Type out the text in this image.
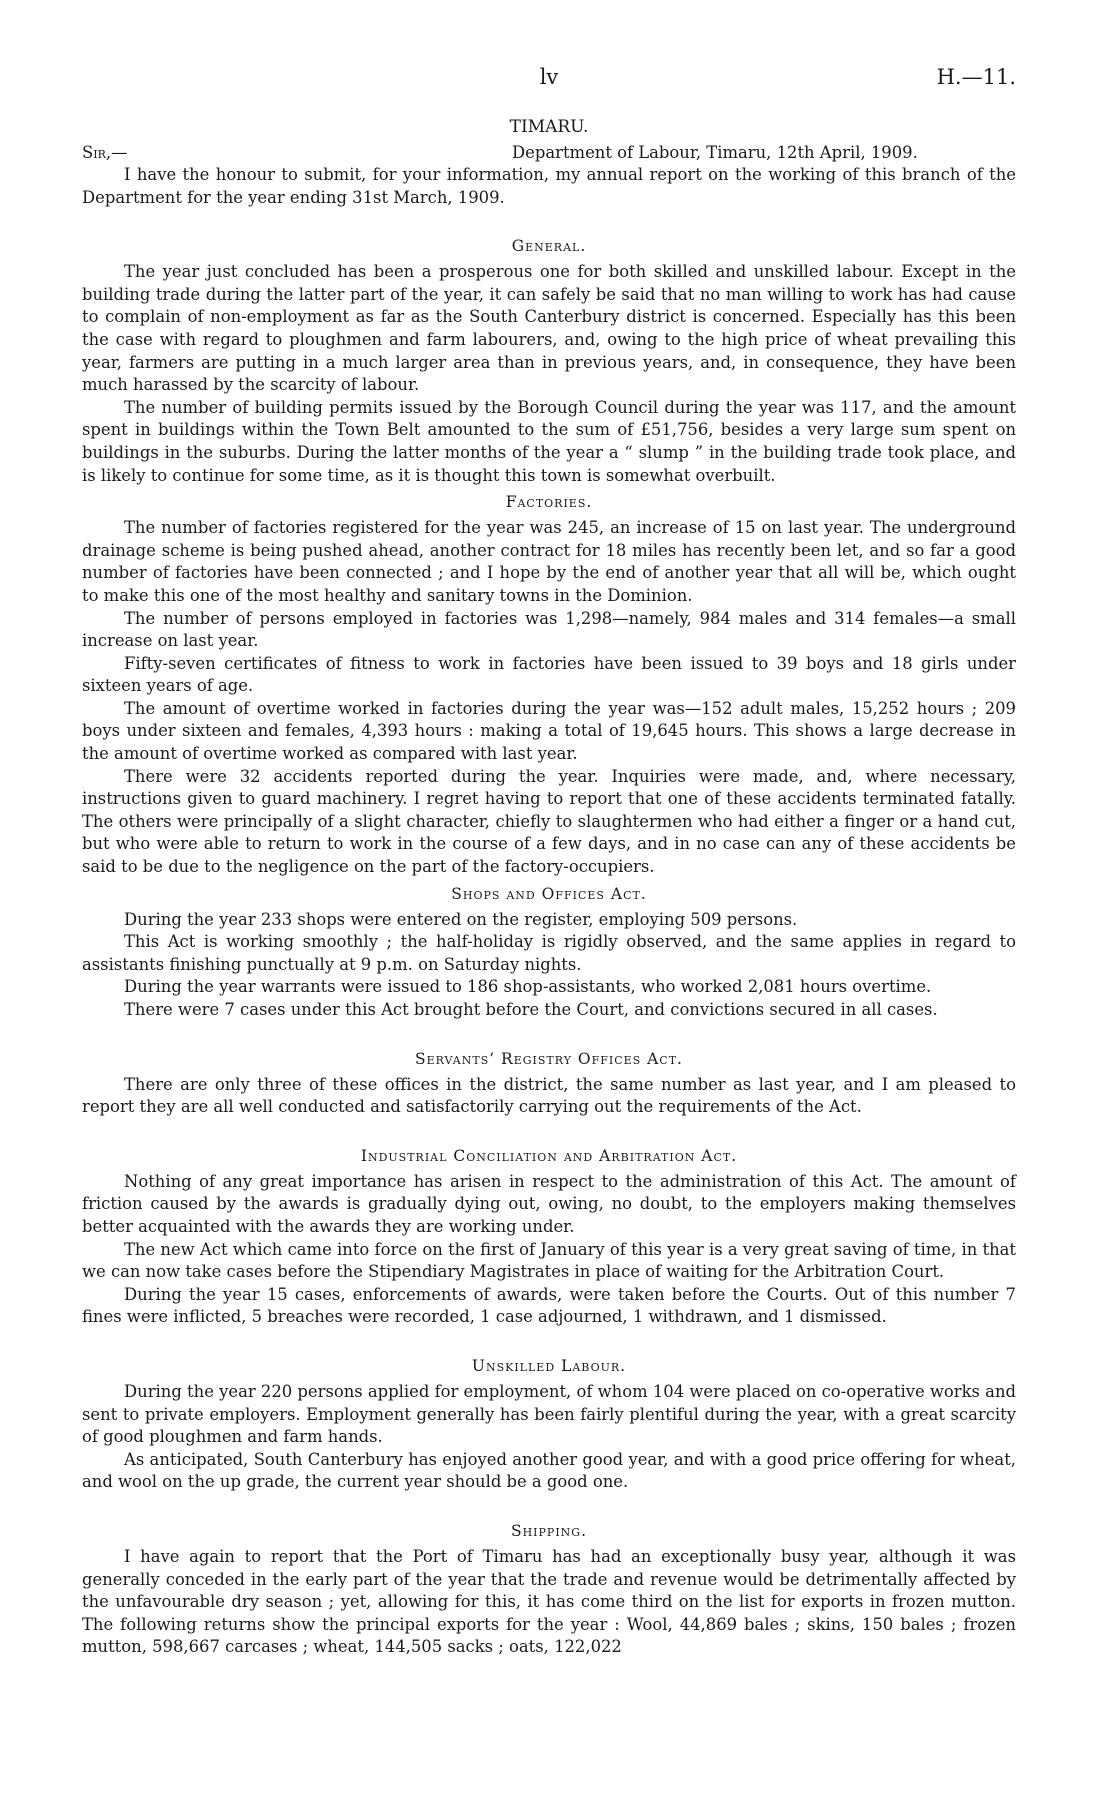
lv	H.—11.
TIMARU.
Sir,—	Department of Labour, Timaru, 12th April, 1909.

I have the honour to submit, for your information, my annual report on the working of this branch of the Department for the year ending 31st March, 1909.

General.

The year just concluded has been a prosperous one for both skilled and unskilled labour. Except in the building trade during the latter part of the year, it can safely be said that no man willing to work has had cause to complain of non-employment as far as the South Canterbury district is concerned. Especially has this been the case with regard to ploughmen and farm labourers, and, owing to the high price of wheat prevailing this year, farmers are putting in a much larger area than in previous years, and, in consequence, they have been much harassed by the scarcity of labour.

The number of building permits issued by the Borough Council during the year was 117, and the amount spent in buildings within the Town Belt amounted to the sum of £51,756, besides a very large sum spent on buildings in the suburbs. During the latter months of the year a “ slump ” in the building trade took place, and is likely to continue for some time, as it is thought this town is somewhat overbuilt.

Factories.

The number of factories registered for the year was 245, an increase of 15 on last year. The underground drainage scheme is being pushed ahead, another contract for 18 miles has recently been let, and so far a good number of factories have been connected ; and I hope by the end of another year that all will be, which ought to make this one of the most healthy and sanitary towns in the Dominion.

The number of persons employed in factories was 1,298—namely, 984 males and 314 females—a small increase on last year.

Fifty-seven certificates of fitness to work in factories have been issued to 39 boys and 18 girls under sixteen years of age.

The amount of overtime worked in factories during the year was—152 adult males, 15,252 hours ; 209 boys under sixteen and females, 4,393 hours : making a total of 19,645 hours. This shows a large decrease in the amount of overtime worked as compared with last year.

There were 32 accidents reported during the year. Inquiries were made, and, where necessary, instructions given to guard machinery. I regret having to report that one of these accidents terminated fatally. The others were principally of a slight character, chiefly to slaughtermen who had either a finger or a hand cut, but who were able to return to work in the course of a few days, and in no case can any of these accidents be said to be due to the negligence on the part of the factory-occupiers.

Shops and Offices Act.

During the year 233 shops were entered on the register, employing 509 persons.

This Act is working smoothly ; the half-holiday is rigidly observed, and the same applies in regard to assistants finishing punctually at 9 p.m. on Saturday nights.

During the year warrants were issued to 186 shop-assistants, who worked 2,081 hours overtime.

There were 7 cases under this Act brought before the Court, and convictions secured in all cases.

Servants’ Registry Offices Act.

There are only three of these offices in the district, the same number as last year, and I am pleased to report they are all well conducted and satisfactorily carrying out the requirements of the Act.

Industrial Conciliation and Arbitration Act.

Nothing of any great importance has arisen in respect to the administration of this Act. The amount of friction caused by the awards is gradually dying out, owing, no doubt, to the employers making themselves better acquainted with the awards they are working under.

The new Act which came into force on the first of January of this year is a very great saving of time, in that we can now take cases before the Stipendiary Magistrates in place of waiting for the Arbitration Court.

During the year 15 cases, enforcements of awards, were taken before the Courts. Out of this number 7 fines were inflicted, 5 breaches were recorded, 1 case adjourned, 1 withdrawn, and 1 dismissed.

Unskilled Labour.

During the year 220 persons applied for employment, of whom 104 were placed on co-operative works and sent to private employers. Employment generally has been fairly plentiful during the year, with a great scarcity of good ploughmen and farm hands.

As anticipated, South Canterbury has enjoyed another good year, and with a good price offering for wheat, and wool on the up grade, the current year should be a good one.

Shipping.

I have again to report that the Port of Timaru has had an exceptionally busy year, although it was generally conceded in the early part of the year that the trade and revenue would be detrimentally affected by the unfavourable dry season ; yet, allowing for this, it has come third on the list for exports in frozen mutton. The following returns show the principal exports for the year : Wool, 44,869 bales ; skins, 150 bales ; frozen mutton, 598,667 carcases ; wheat, 144,505 sacks ; oats, 122,022
